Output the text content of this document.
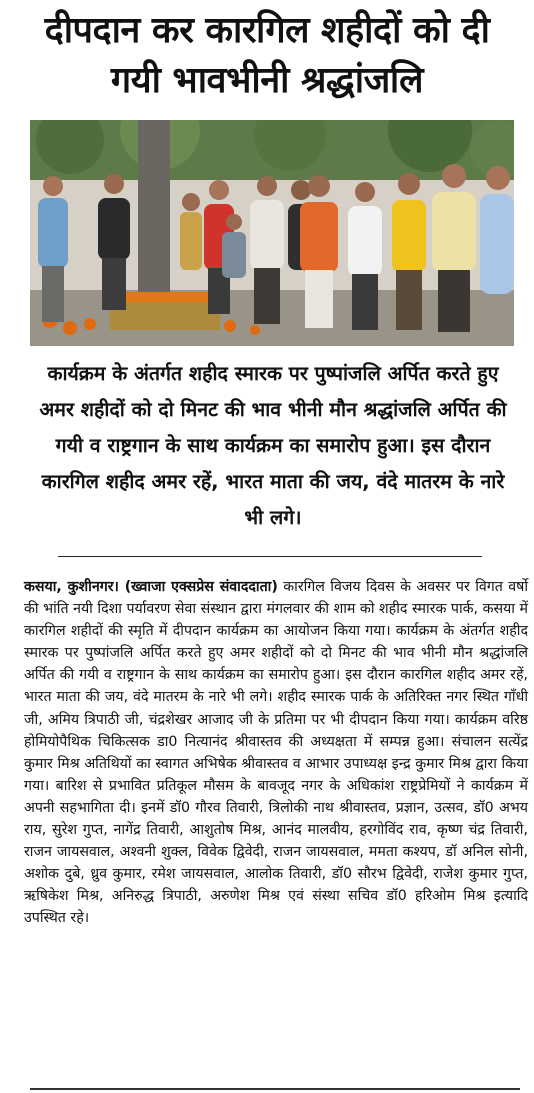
दीपदान कर कारगिल शहीदों को दी गयी भावभीनी श्रद्धांजलि
कार्यक्रम के अंतर्गत शहीद स्मारक पर पुष्पांजलि अर्पित करते हुए अमर शहीदों को दो मिनट की भाव भीनी मौन श्रद्धांजलि अर्पित की गयी व राष्ट्रगान के साथ कार्यक्रम का समारोप हुआ। इस दौरान कारगिल शहीद अमर रहें, भारत माता की जय, वंदे मातरम के नारे भी लगे।
कसया, कुशीनगर। (ख्वाजा एक्सप्रेस संवाददाता) कारगिल विजय दिवस के अवसर पर विगत वर्षो की भांति नयी दिशा पर्यावरण सेवा संस्थान द्वारा मंगलवार की शाम को शहीद स्मारक पार्क, कसया में कारगिल शहीदों की स्मृति में दीपदान कार्यक्रम का आयोजन किया गया। कार्यक्रम के अंतर्गत शहीद स्मारक पर पुष्पांजलि अर्पित करते हुए अमर शहीदों को दो मिनट की भाव भीनी मौन श्रद्धांजलि अर्पित की गयी व राष्ट्रगान के साथ कार्यक्रम का समारोप हुआ। इस दौरान कारगिल शहीद अमर रहें, भारत माता की जय, वंदे मातरम के नारे भी लगे। शहीद स्मारक पार्क के अतिरिक्त नगर स्थित गाँधी जी, अमिय त्रिपाठी जी, चंद्रशेखर आजाद जी के प्रतिमा पर भी दीपदान किया गया। कार्यक्रम वरिष्ठ होमियोपैथिक चिकित्सक डा0 नित्यानंद श्रीवास्तव की अध्यक्षता में सम्पन्न हुआ। संचालन सत्येंद्र कुमार मिश्र अतिथियों का स्वागत अभिषेक श्रीवास्तव व आभार उपाध्यक्ष इन्द्र कुमार मिश्र द्वारा किया गया। बारिश से प्रभावित प्रतिकूल मौसम के बावजूद नगर के अधिकांश राष्ट्रप्रेमियों ने कार्यक्रम में अपनी सहभागिता दी। इनमें डॉ0 गौरव तिवारी, त्रिलोकी नाथ श्रीवास्तव, प्रज्ञान, उत्सव, डॉ0 अभय राय, सुरेश गुप्त, नागेंद्र तिवारी, आशुतोष मिश्र, आनंद मालवीय, हरगोविंद राव, कृष्ण चंद्र तिवारी, राजन जायसवाल, अश्वनी शुक्ल, विवेक द्विवेदी, राजन जायसवाल, ममता कश्यप, डॉ अनिल सोनी, अशोक दुबे, ध्रुव कुमार, रमेश जायसवाल, आलोक तिवारी, डॉ0 सौरभ द्विवेदी, राजेश कुमार गुप्त, ऋषिकेश मिश्र, अनिरुद्ध त्रिपाठी, अरुणेश मिश्र एवं संस्था सचिव डॉ0 हरिओम मिश्र इत्यादि उपस्थित रहे।
